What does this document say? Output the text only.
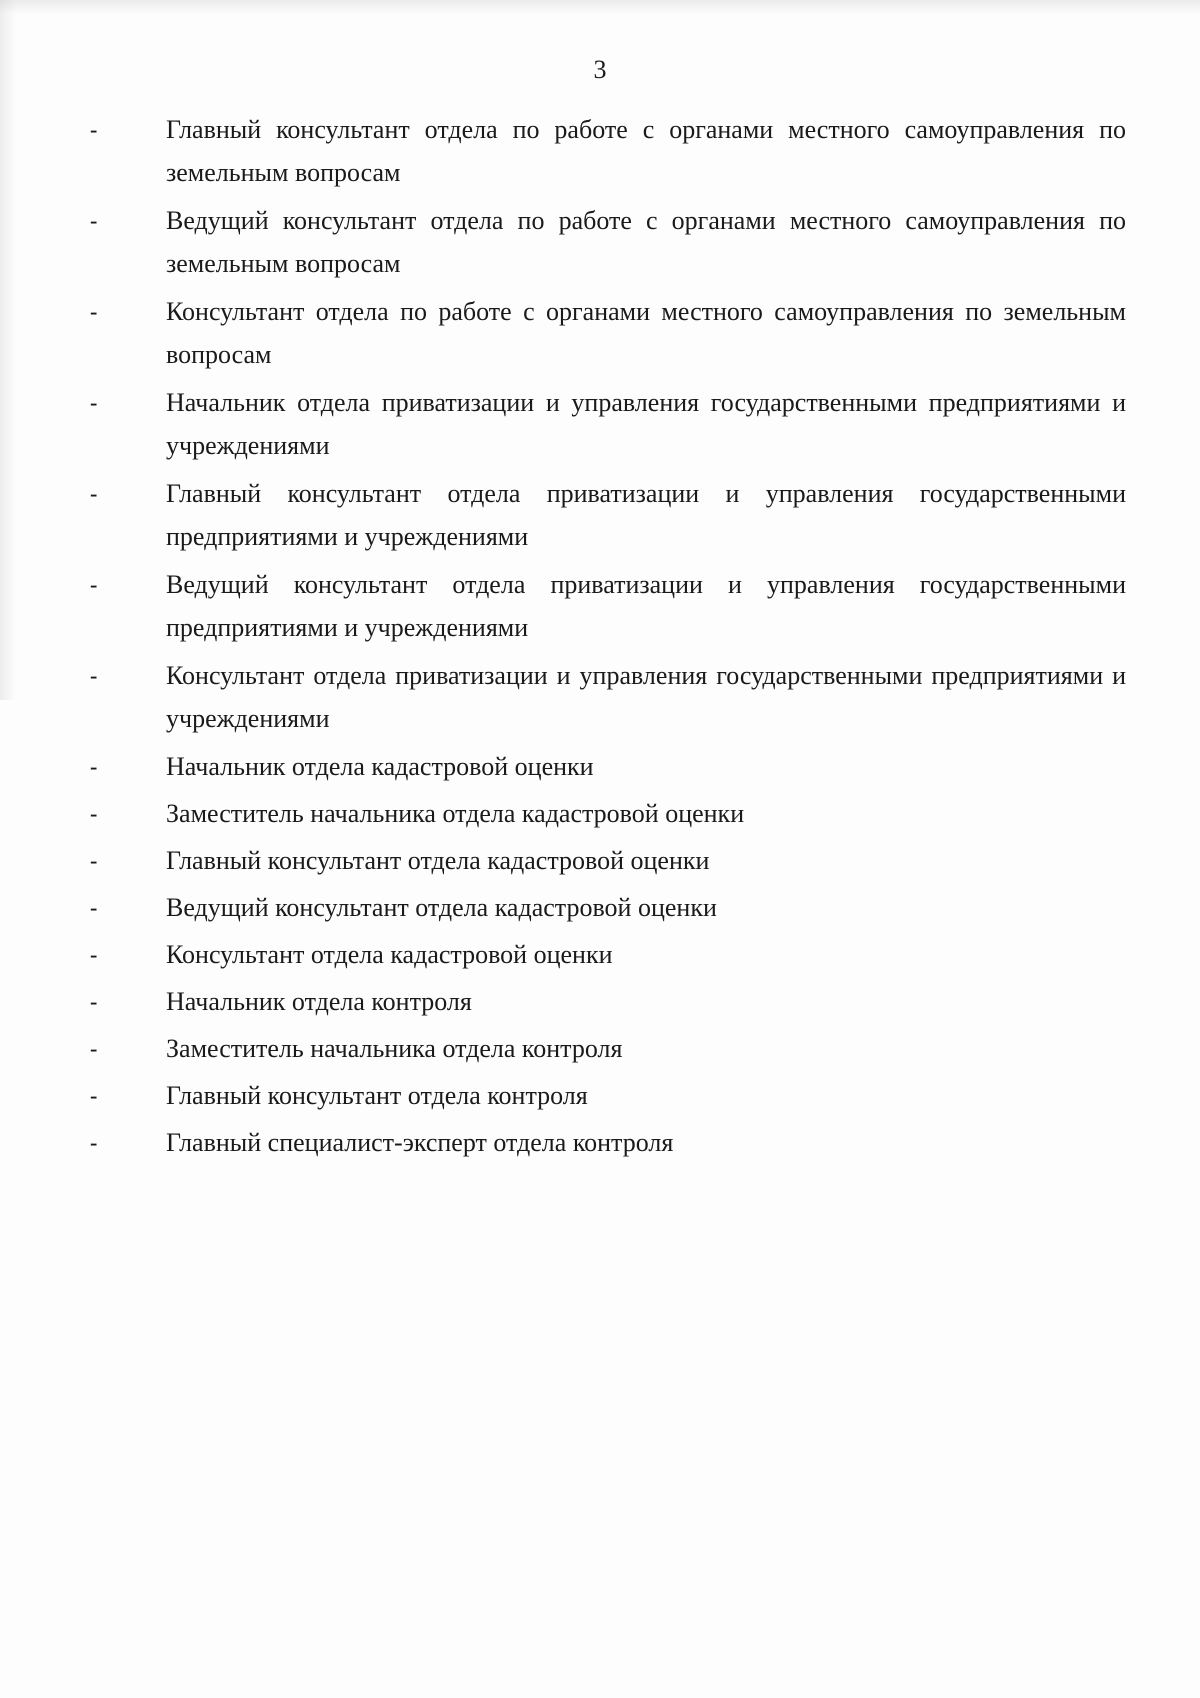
3
-	Главный консультант отдела по работе с органами местного самоуправления по земельным вопросам
-	Ведущий консультант отдела по работе с органами местного самоуправления по земельным вопросам
-	Консультант отдела по работе с органами местного самоуправления по земельным вопросам
-	Начальник отдела приватизации и управления государственными предприятиями и учреждениями
-	Главный консультант отдела приватизации и управления государственными предприятиями и учреждениями
-	Ведущий консультант отдела приватизации и управления государственными предприятиями и учреждениями
-	Консультант отдела приватизации и управления государственными предприятиями и учреждениями
-	Начальник отдела кадастровой оценки
-	Заместитель начальника отдела кадастровой оценки
-	Главный консультант отдела кадастровой оценки
-	Ведущий консультант отдела кадастровой оценки
-	Консультант отдела кадастровой оценки
-	Начальник отдела контроля
-	Заместитель начальника отдела контроля
-	Главный консультант отдела контроля
-	Главный специалист-эксперт отдела контроля
